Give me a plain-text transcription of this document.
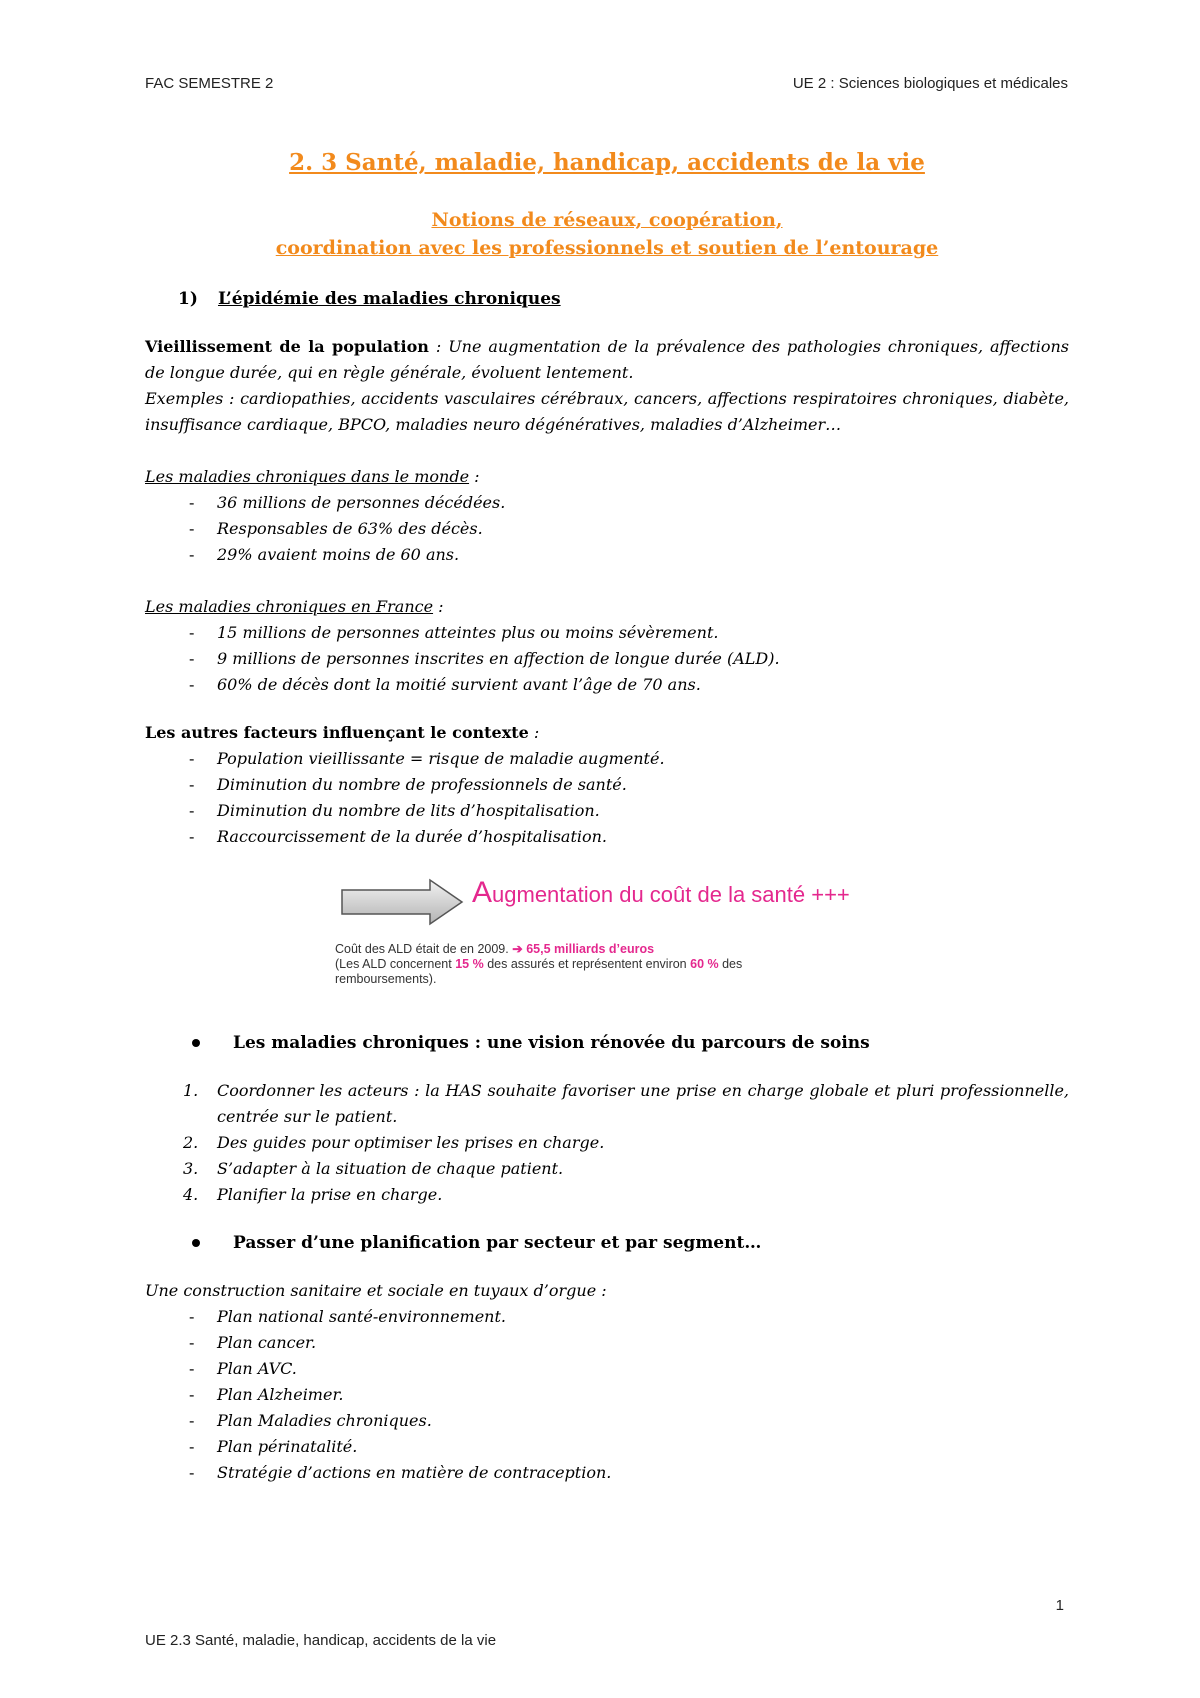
FAC SEMESTRE 2	UE 2 : Sciences biologiques et médicales
2. 3 Santé, maladie, handicap, accidents de la vie
Notions de réseaux, coopération,
coordination avec les professionnels et soutien de l’entourage
1) L’épidémie des maladies chroniques

Vieillissement de la population : Une augmentation de la prévalence des pathologies chroniques, affections de longue durée, qui en règle générale, évoluent lentement.

Exemples : cardiopathies, accidents vasculaires cérébraux, cancers, affections respiratoires chroniques, diabète, insuffisance cardiaque, BPCO, maladies neuro dégénératives, maladies d’Alzheimer…

Les maladies chroniques dans le monde :

- 36 millions de personnes décédées.
- Responsables de 63% des décès.
- 29% avaient moins de 60 ans.

Les maladies chroniques en France :

- 15 millions de personnes atteintes plus ou moins sévèrement.
- 9 millions de personnes inscrites en affection de longue durée (ALD).
- 60% de décès dont la moitié survient avant l’âge de 70 ans.

Les autres facteurs influençant le contexte :

- Population vieillissante = risque de maladie augmenté.
- Diminution du nombre de professionnels de santé.
- Diminution du nombre de lits d’hospitalisation.
- Raccourcissement de la durée d’hospitalisation.
Augmentation du coût de la santé +++
Coût des ALD était de en 2009. ➔ 65,5 milliards d’euros
(Les ALD concernent 15 % des assurés et représentent environ 60 % des
remboursements).
Les maladies chroniques : une vision rénovée du parcours de soins
1. Coordonner les acteurs : la HAS souhaite favoriser une prise en charge globale et pluri professionnelle, centrée sur le patient.
2. Des guides pour optimiser les prises en charge.
3. S’adapter à la situation de chaque patient.
4. Planifier la prise en charge.
Passer d’une planification par secteur et par segment…

Une construction sanitaire et sociale en tuyaux d’orgue :

- Plan national santé-environnement.
- Plan cancer.
- Plan AVC.
- Plan Alzheimer.
- Plan Maladies chroniques.
- Plan périnatalité.
- Stratégie d’actions en matière de contraception.
1
UE 2.3 Santé, maladie, handicap, accidents de la vie
